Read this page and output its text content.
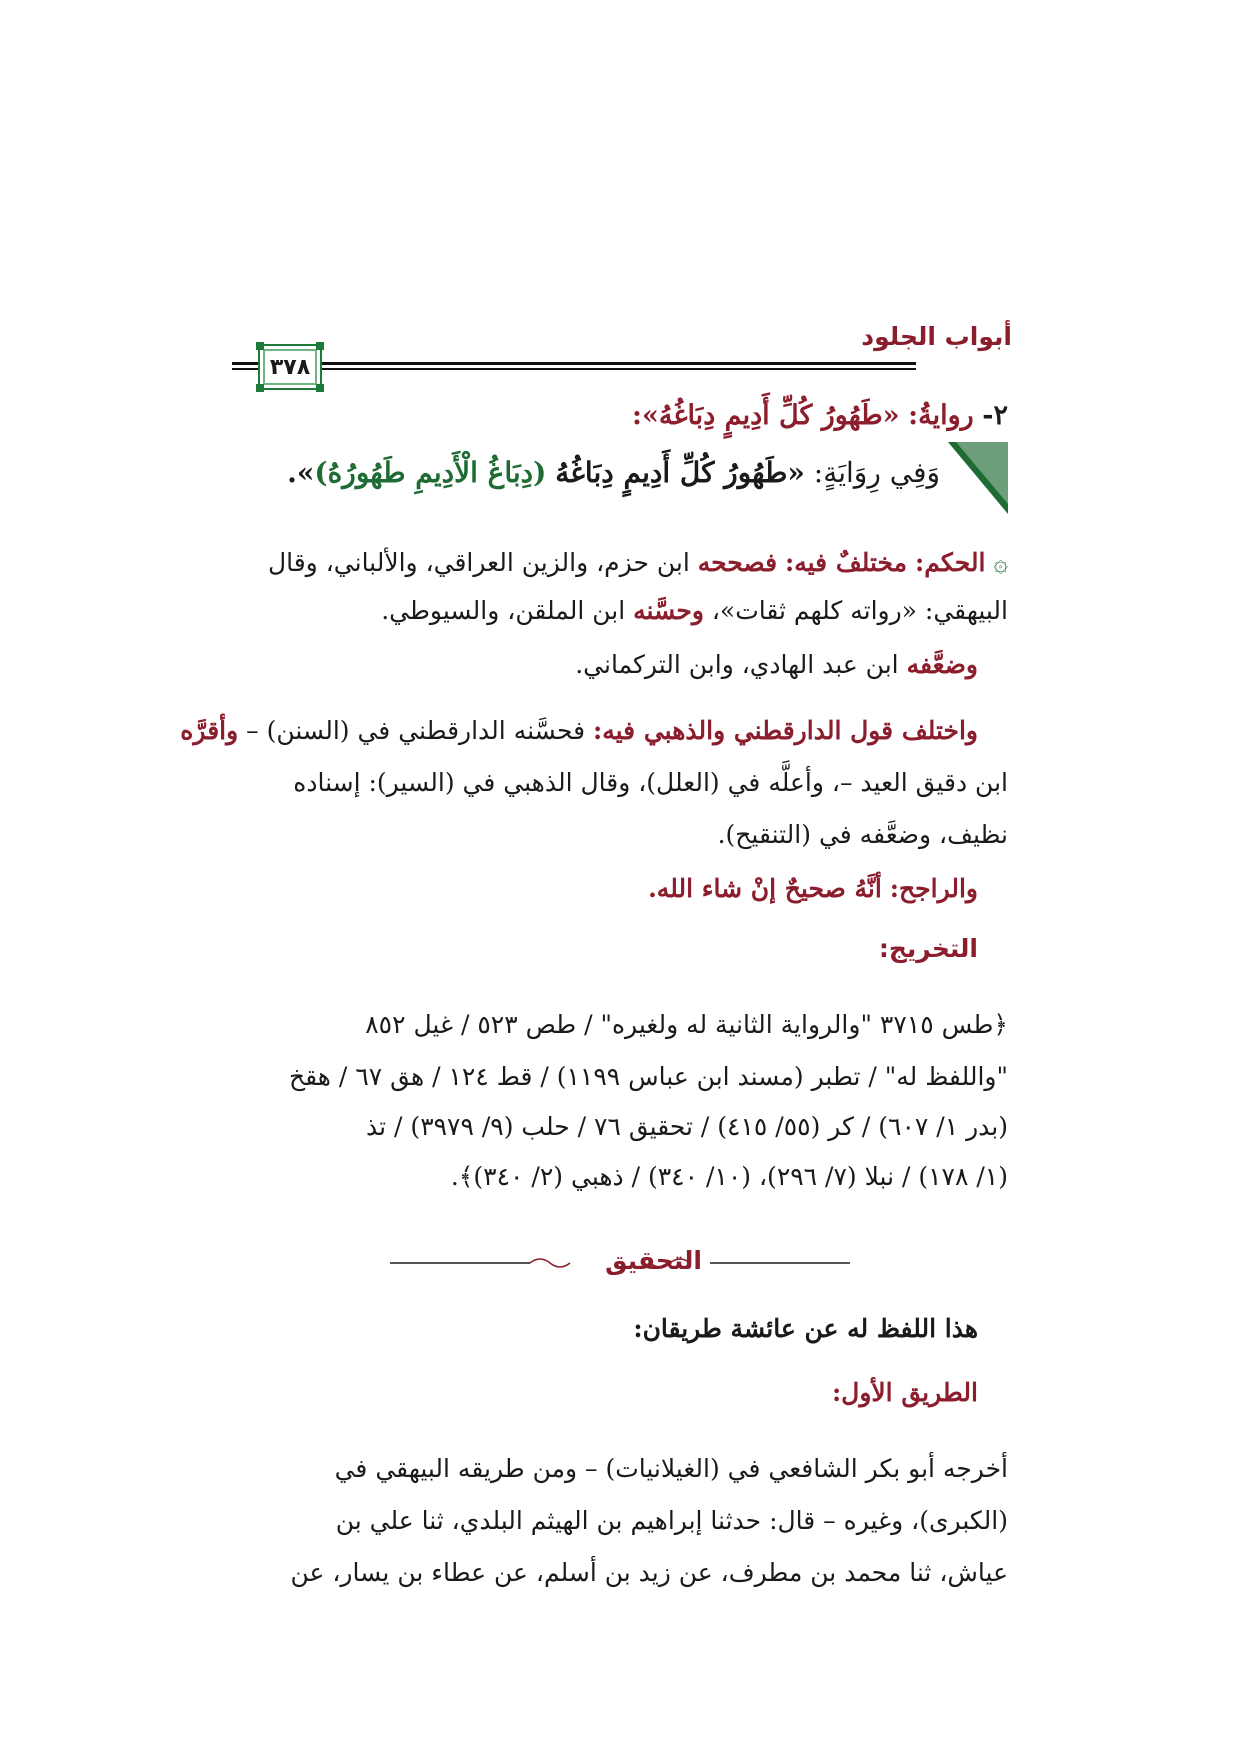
أبواب الجلود
٣٧٨
٢- روايةُ: «طَهُورُ كُلِّ أَدِيمٍ دِبَاغُهُ»:
وَفِي رِوَايَةٍ: «طَهُورُ كُلِّ أَدِيمٍ دِبَاغُهُ (دِبَاغُ الْأَدِيمِ طَهُورُهُ)».
۞ الحكم: مختلفٌ فيه: فصححه ابن حزم، والزين العراقي، والألباني، وقال
البيهقي: «رواته كلهم ثقات»، وحسَّنه ابن الملقن، والسيوطي.
وضعَّفه ابن عبد الهادي، وابن التركماني.
واختلف قول الدارقطني والذهبي فيه: فحسَّنه الدارقطني في (السنن) – وأقرَّه
ابن دقيق العيد –، وأعلَّه في (العلل)، وقال الذهبي في (السير): إسناده
نظيف، وضعَّفه في (التنقيح).
والراجح: أنَّهُ صحيحٌ إنْ شاء الله.
التخريج:
﴿طس ٣٧١٥ "والرواية الثانية له ولغيره" / طص ٥٢٣ / غيل ٨٥٢
"واللفظ له" / تطبر (مسند ابن عباس ١١٩٩) / قط ١٢٤ / هق ٦٧ / هقخ
(بدر ١/ ٦٠٧) / كر (٥٥/ ٤١٥) / تحقيق ٧٦ / حلب (٩/ ٣٩٧٩) / تذ
(١/ ١٧٨) / نبلا (٧/ ٢٩٦)، (١٠/ ٣٤٠) / ذهبي (٢/ ٣٤٠)﴾.
التحقيق
هذا اللفظ له عن عائشة طريقان:
الطريق الأول:
أخرجه أبو بكر الشافعي في (الغيلانيات) – ومن طريقه البيهقي في
(الكبرى)، وغيره – قال: حدثنا إبراهيم بن الهيثم البلدي، ثنا علي بن
عياش، ثنا محمد بن مطرف، عن زيد بن أسلم، عن عطاء بن يسار، عن
